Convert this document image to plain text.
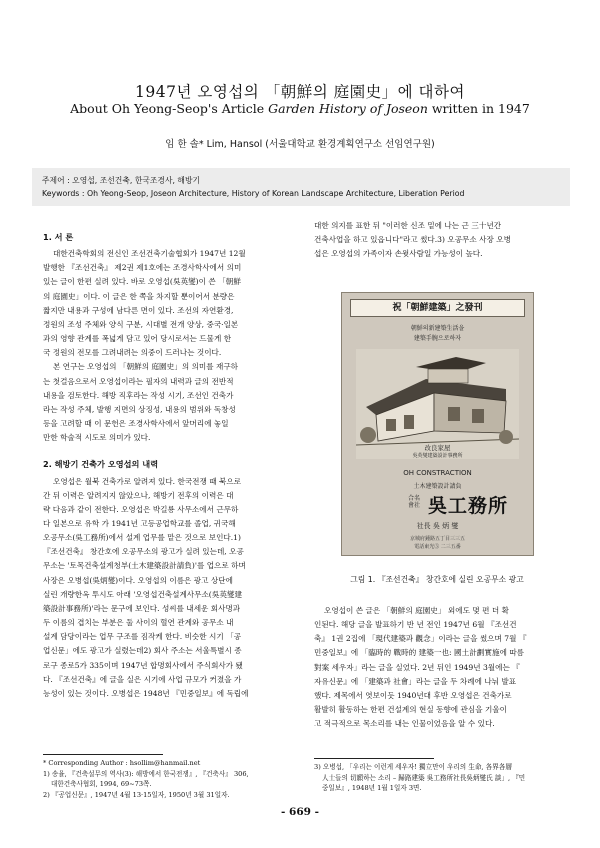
1947년 오영섭의 「朝鮮의 庭園史」에 대하여
About Oh Yeong-Seop's Article Garden History of Joseon written in 1947
임 한 솔* Lim, Hansol (서울대학교 환경계획연구소 선임연구원)
주제어 : 오영섭, 조선건축, 한국조경사, 해방기
Keywords : Oh Yeong-Seop, Joseon Architecture, History of Korean Landscape Architecture, Liberation Period
1. 서 론

대한건축학회의 전신인 조선건축기술협회가 1947년 12월

발행한 『조선건축』 제2권 제1호에는 조경사학사에서 의미

있는 글이 한편 실려 있다. 바로 오영섭(吳英燮)이 쓴 「朝鮮

의 庭園史」이다. 이 글은 한 쪽을 차지할 뿐이어서 분량은

짧지만 내용과 구성에 남다른 면이 있다. 조선의 자연환경,

정원의 조성 주체와 양식 구분, 시대별 전개 양상, 중국·일본

과의 영향 관계를 폭넓게 담고 있어 당시로서는 드물게 한

국 정원의 전모를 그려내려는 의중이 드러나는 것이다.

본 연구는 오영섭의 「朝鮮의 庭園史」의 의미를 재구하

는 첫걸음으로서 오영섭이라는 필자의 내력과 글의 전반적

내용을 검토한다. 해방 직후라는 작성 시기, 조선인 건축가

라는 작성 주체, 발행 지면의 상징성, 내용의 범위와 독창성

등을 고려할 때 이 문헌은 조경사학사에서 앞머리에 놓일

만한 학술적 시도로 의미가 있다.

2. 해방기 건축가 오영섭의 내력

오영섭은 월북 건축가로 알려져 있다. 한국전쟁 때 북으로

간 뒤 이력은 알려지지 않았으나, 해방기 전후의 이력은 대

략 다음과 같이 전한다. 오영섭은 박길룡 사무소에서 근무하

다 일본으로 유학 가 1941년 고등공업학교를 졸업, 귀국해

오공무소(吳工務所)에서 설계 업무를 맡은 것으로 보인다.1)

『조선건축』 창간호에 오공무소의 광고가 실려 있는데, 오공

무소는 '토목건축설계청부(土木建築設計請負)'를 업으로 하며

사장은 오병섭(吳炳燮)이다. 오영섭의 이름은 광고 상단에

실린 개량한옥 투시도 아래 '오영섭건축설계사무소(吳英燮建

築設計事務所)'라는 문구에 보인다. 성씨를 내세운 회사명과

두 이름의 겹치는 부분은 둘 사이의 혈연 관계와 공무소 내

설계 담당이라는 업무 구조를 짐작케 한다. 비슷한 시기 「공

업신문」에도 광고가 실렸는데2) 회사 주소는 서울특별시 종

로구 종로5가 335이며 1947년 합명회사에서 주식회사가 됐

다. 『조선건축』에 글을 실은 시기에 사업 규모가 커졌을 가

능성이 있는 것이다. 오병섭은 1948년 『민중일보』에 독립에

* Corresponding Author : hsollim@hanmail.net
1) 송율, 『건축설무의 역사(3): 해방에서 한국전쟁』, 『건축사』 306,
대한건축사협회, 1994, 69~73쪽.
2) 『공업신문』, 1947년 4월 13·15일자, 1950년 3월 31일자.

대한 의지를 표한 뒤 "이러한 신조 밑에 나는 근 三十년간

건축사업을 하고 있읍니다"라고 썼다.3) 오공무소 사장 오병

섭은 오영섭의 가족이자 손윗사람일 가능성이 높다.

祝「朝鮮建築」之發刊
朝鮮의新建築生活을
建築手腕으로하자
改良家屋
吳英燮建築設計事務所
OH CONSTRACTION
土木建築設計請負
合名會社 吳工務所
社長 吳 炳 燮
京城府鍾路五丁目三三五
電話東光⑤ 二三五番
그림 1. 『조선건축』 창간호에 실린 오공무소 광고

오영섭이 쓴 글은 「朝鮮의 庭園史」 외에도 몇 편 더 확

인된다. 해당 글을 발표하기 반 년 전인 1947년 6월 『조선건

축』 1권 2집에 「現代建築과 觀念」이라는 글을 썼으며 7월 『

민중일보』에 「臨時的 戰時的 建築一也: 國土計劃實施에 따름

對案 세우자」라는 글을 실었다. 2년 뒤인 1949년 3월에는 『

자유신문』에 「建築과 社會」라는 글을 두 차례에 나눠 발표

했다. 제목에서 엿보이듯 1940년대 후반 오영섭은 건축가로

활발히 활동하는 한편 건설계의 현실 동향에 관심을 기울이

고 적극적으로 목소리를 내는 인물이었음을 알 수 있다.

3) 오병섭, 「우리는 이런게 세우자! 獨立만이 우리의 生命, 各界各層
人士들의 切願하는 소리 – 歸路建築 吳工務所社長吳炳燮氏 談」, 『민
중일보』, 1948년 1월 1일자 3면.
- 669 -
